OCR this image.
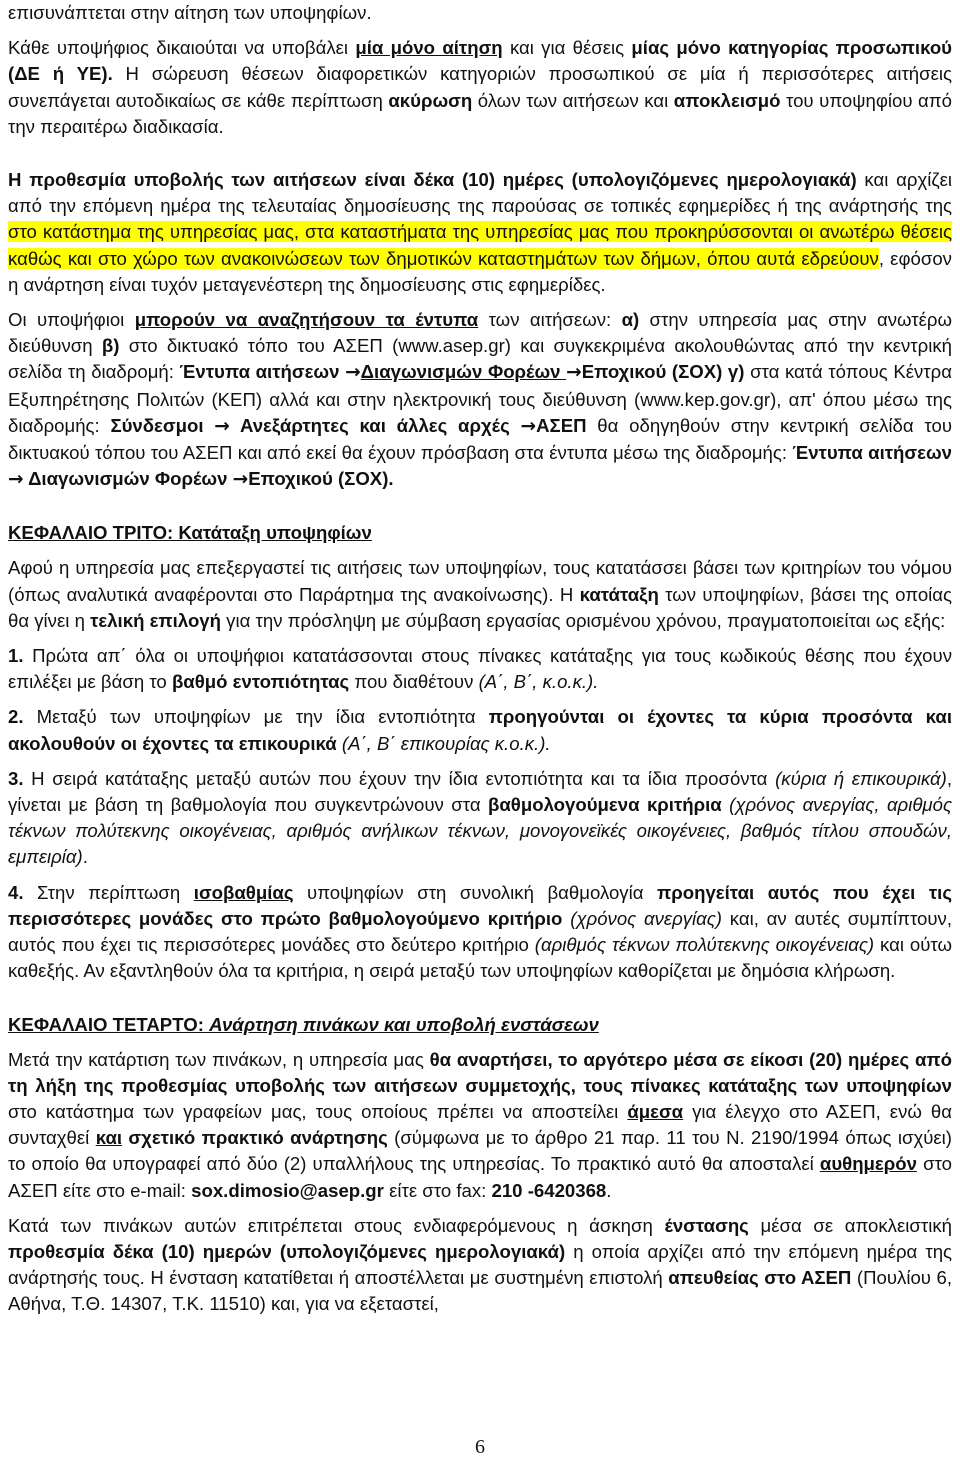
επισυνάπτεται στην αίτηση των υποψηφίων.

Κάθε υποψήφιος δικαιούται να υποβάλει μία μόνο αίτηση και για θέσεις μίας μόνο κατηγορίας προσωπικού (ΔΕ ή ΥΕ). Η σώρευση θέσεων διαφορετικών κατηγοριών προσωπικού σε μία ή περισσότερες αιτήσεις συνεπάγεται αυτοδικαίως σε κάθε περίπτωση ακύρωση όλων των αιτήσεων και αποκλεισμό του υποψηφίου από την περαιτέρω διαδικασία.

Η προθεσμία υποβολής των αιτήσεων είναι δέκα (10) ημέρες (υπολογιζόμενες ημερολογιακά) και αρχίζει από την επόμενη ημέρα της τελευταίας δημοσίευσης της παρούσας σε τοπικές εφημερίδες ή της ανάρτησής της στο κατάστημα της υπηρεσίας μας, στα καταστήματα της υπηρεσίας μας που προκηρύσσονται οι ανωτέρω θέσεις καθώς και στο χώρο των ανακοινώσεων των δημοτικών καταστημάτων των δήμων, όπου αυτά εδρεύουν, εφόσον η ανάρτηση είναι τυχόν μεταγενέστερη της δημοσίευσης στις εφημερίδες.

Οι υποψήφιοι μπορούν να αναζητήσουν τα έντυπα των αιτήσεων: α) στην υπηρεσία μας στην ανωτέρω διεύθυνση β) στο δικτυακό τόπο του ΑΣΕΠ (www.asep.gr) και συγκεκριμένα ακολουθώντας από την κεντρική σελίδα τη διαδρομή: Έντυπα αιτήσεων →Διαγωνισμών Φορέων →Εποχικού (ΣΟΧ) γ) στα κατά τόπους Κέντρα Εξυπηρέτησης Πολιτών (ΚΕΠ) αλλά και στην ηλεκτρονική τους διεύθυνση (www.kep.gov.gr), απ' όπου μέσω της διαδρομής: Σύνδεσμοι → Ανεξάρτητες και άλλες αρχές →ΑΣΕΠ θα οδηγηθούν στην κεντρική σελίδα του δικτυακού τόπου του ΑΣΕΠ και από εκεί θα έχουν πρόσβαση στα έντυπα μέσω της διαδρομής: Έντυπα αιτήσεων → Διαγωνισμών Φορέων →Εποχικού (ΣΟΧ).

ΚΕΦΑΛΑΙΟ ΤΡΙΤΟ: Κατάταξη υποψηφίων

Αφού η υπηρεσία μας επεξεργαστεί τις αιτήσεις των υποψηφίων, τους κατατάσσει βάσει των κριτηρίων του νόμου (όπως αναλυτικά αναφέρονται στο Παράρτημα της ανακοίνωσης). Η κατάταξη των υποψηφίων, βάσει της οποίας θα γίνει η τελική επιλογή για την πρόσληψη με σύμβαση εργασίας ορισμένου χρόνου, πραγματοποιείται ως εξής:

1. Πρώτα απ΄ όλα οι υποψήφιοι κατατάσσονται στους πίνακες κατάταξης για τους κωδικούς θέσης που έχουν επιλέξει με βάση το βαθμό εντοπιότητας που διαθέτουν (Α΄, Β΄, κ.ο.κ.).

2. Μεταξύ των υποψηφίων με την ίδια εντοπιότητα προηγούνται οι έχοντες τα κύρια προσόντα και ακολουθούν οι έχοντες τα επικουρικά (Α΄, Β΄ επικουρίας κ.ο.κ.).

3. Η σειρά κατάταξης μεταξύ αυτών που έχουν την ίδια εντοπιότητα και τα ίδια προσόντα (κύρια ή επικουρικά), γίνεται με βάση τη βαθμολογία που συγκεντρώνουν στα βαθμολογούμενα κριτήρια (χρόνος ανεργίας, αριθμός τέκνων πολύτεκνης οικογένειας, αριθμός ανήλικων τέκνων, μονογονεϊκές οικογένειες, βαθμός τίτλου σπουδών, εμπειρία).

4. Στην περίπτωση ισοβαθμίας υποψηφίων στη συνολική βαθμολογία προηγείται αυτός που έχει τις περισσότερες μονάδες στο πρώτο βαθμολογούμενο κριτήριο (χρόνος ανεργίας) και, αν αυτές συμπίπτουν, αυτός που έχει τις περισσότερες μονάδες στο δεύτερο κριτήριο (αριθμός τέκνων πολύτεκνης οικογένειας) και ούτω καθεξής. Αν εξαντληθούν όλα τα κριτήρια, η σειρά μεταξύ των υποψηφίων καθορίζεται με δημόσια κλήρωση.

ΚΕΦΑΛΑΙΟ ΤΕΤΑΡΤΟ: Ανάρτηση πινάκων και υποβολή ενστάσεων

Μετά την κατάρτιση των πινάκων, η υπηρεσία μας θα αναρτήσει, το αργότερο μέσα σε είκοσι (20) ημέρες από τη λήξη της προθεσμίας υποβολής των αιτήσεων συμμετοχής, τους πίνακες κατάταξης των υποψηφίων στο κατάστημα των γραφείων μας, τους οποίους πρέπει να αποστείλει άμεσα για έλεγχο στο ΑΣΕΠ, ενώ θα συνταχθεί και σχετικό πρακτικό ανάρτησης (σύμφωνα με το άρθρο 21 παρ. 11 του Ν. 2190/1994 όπως ισχύει) το οποίο θα υπογραφεί από δύο (2) υπαλλήλους της υπηρεσίας. Το πρακτικό αυτό θα αποσταλεί αυθημερόν στο ΑΣΕΠ είτε στο e-mail: sox.dimosio@asep.gr είτε στο fax: 210 -6420368.

Κατά των πινάκων αυτών επιτρέπεται στους ενδιαφερόμενους η άσκηση ένστασης μέσα σε αποκλειστική προθεσμία δέκα (10) ημερών (υπολογιζόμενες ημερολογιακά) η οποία αρχίζει από την επόμενη ημέρα της ανάρτησής τους. Η ένσταση κατατίθεται ή αποστέλλεται με συστημένη επιστολή απευθείας στο ΑΣΕΠ (Πουλίου 6, Αθήνα, Τ.Θ. 14307, Τ.Κ. 11510) και, για να εξεταστεί,

6
